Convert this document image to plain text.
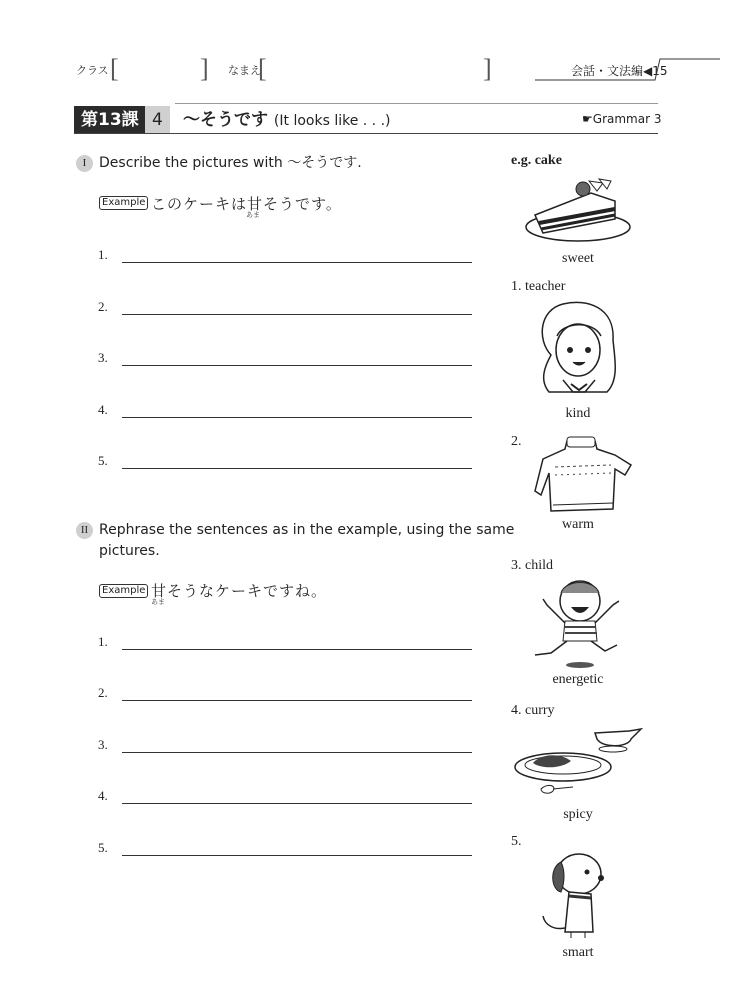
クラス [	] なまえ
[	]	会話・文法編◀15
第13課 4	〜そうです (It looks like . . .)	☛Grammar 3
I Describe the pictures with 〜そうです.
Example このケーキは甘そうです。
あま
1.
2.
3.
4.
5.
II Rephrase the sentences as in the example, using the same
pictures.
Example 甘そうなケーキですね。
あま
1.
2.
3.
4.
5.
e.g. cake
sweet
1. teacher
kind
2.
warm
3. child
energetic
4. curry
spicy
5.
smart
